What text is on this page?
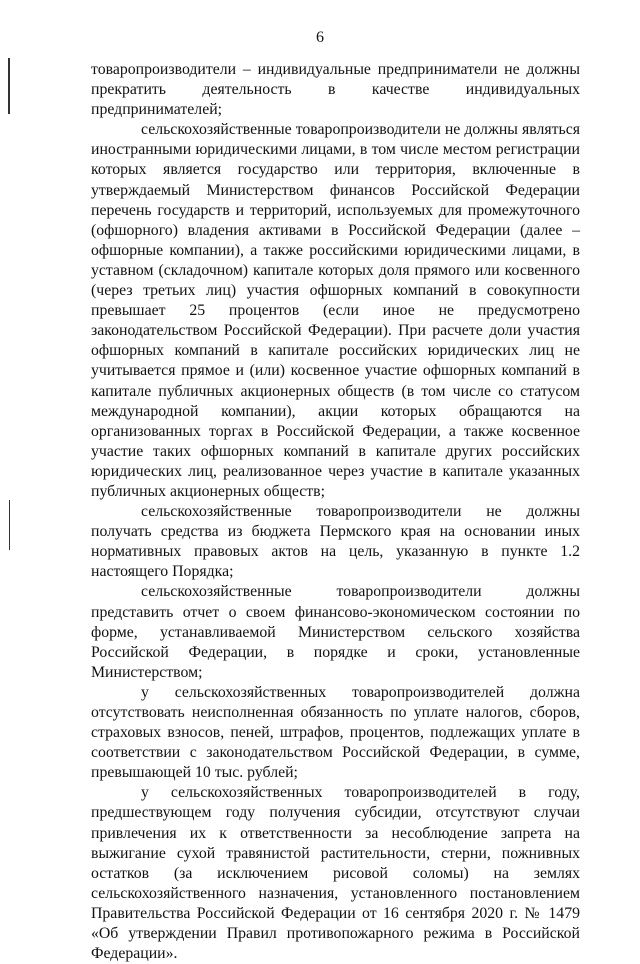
6

товаропроизводители – индивидуальные предприниматели не должны прекратить деятельность в качестве индивидуальных предпринимателей;

сельскохозяйственные товаропроизводители не должны являться иностранными юридическими лицами, в том числе местом регистрации которых является государство или территория, включенные в утверждаемый Министерством финансов Российской Федерации перечень государств и территорий, используемых для промежуточного (офшорного) владения активами в Российской Федерации (далее – офшорные компании), а также российскими юридическими лицами, в уставном (складочном) капитале которых доля прямого или косвенного (через третьих лиц) участия офшорных компаний в совокупности превышает 25 процентов (если иное не предусмотрено законодательством Российской Федерации). При расчете доли участия офшорных компаний в капитале российских юридических лиц не учитывается прямое и (или) косвенное участие офшорных компаний в капитале публичных акционерных обществ (в том числе со статусом международной компании), акции которых обращаются на организованных торгах в Российской Федерации, а также косвенное участие таких офшорных компаний в капитале других российских юридических лиц, реализованное через участие в капитале указанных публичных акционерных обществ;

сельскохозяйственные товаропроизводители не должны получать средства из бюджета Пермского края на основании иных нормативных правовых актов на цель, указанную в пункте 1.2 настоящего Порядка;

сельскохозяйственные товаропроизводители должны представить отчет о своем финансово-экономическом состоянии по форме, устанавливаемой Министерством сельского хозяйства Российской Федерации, в порядке и сроки, установленные Министерством;

у сельскохозяйственных товаропроизводителей должна отсутствовать неисполненная обязанность по уплате налогов, сборов, страховых взносов, пеней, штрафов, процентов, подлежащих уплате в соответствии с законодательством Российской Федерации, в сумме, превышающей 10 тыс. рублей;

у сельскохозяйственных товаропроизводителей в году, предшествующем году получения субсидии, отсутствуют случаи привлечения их к ответственности за несоблюдение запрета на выжигание сухой травянистой растительности, стерни, пожнивных остатков (за исключением рисовой соломы) на землях сельскохозяйственного назначения, установленного постановлением Правительства Российской Федерации от 16 сентября 2020 г. № 1479 «Об утверждении Правил противопожарного режима в Российской Федерации».
